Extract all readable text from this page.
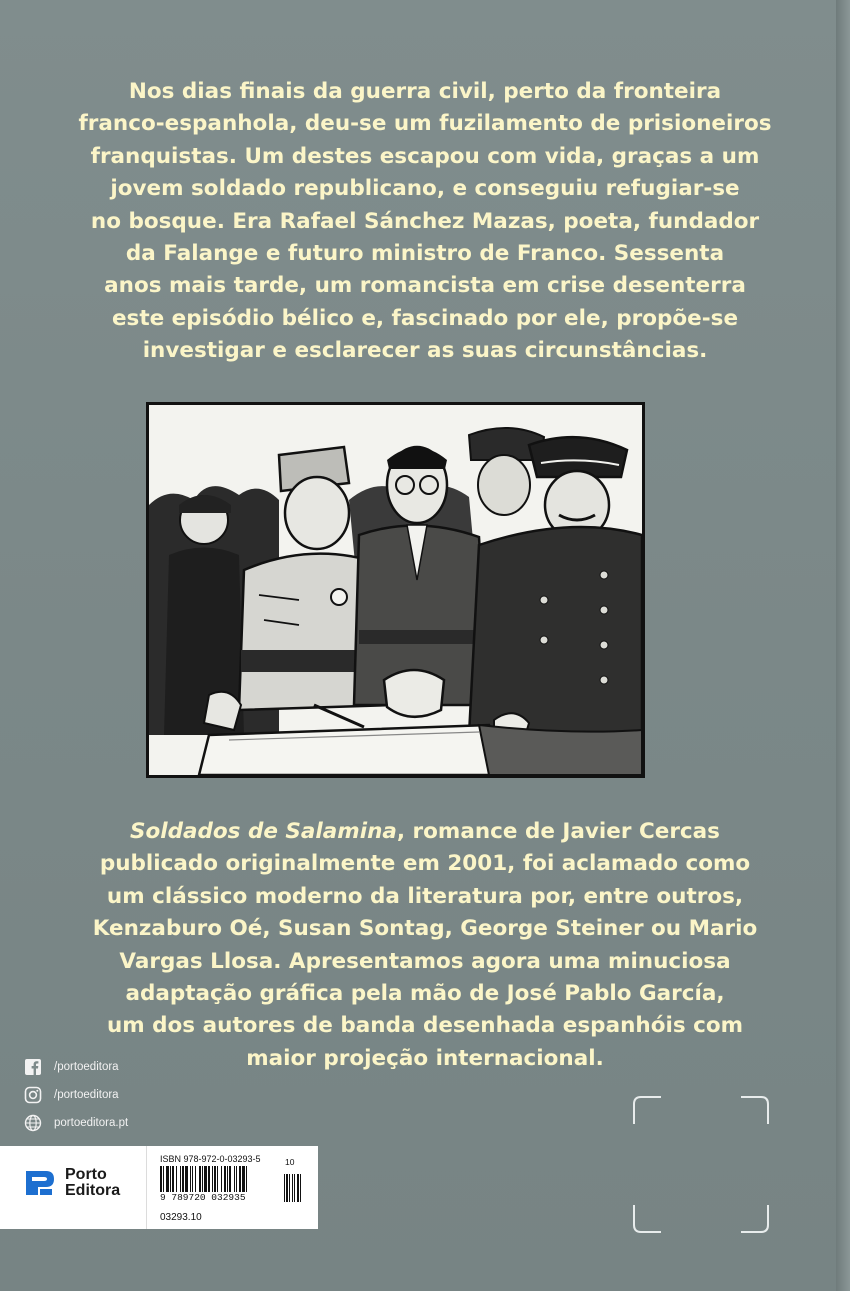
Nos dias finais da guerra civil, perto da fronteira
franco-espanhola, deu-se um fuzilamento de prisioneiros
franquistas. Um destes escapou com vida, graças a um
jovem soldado republicano, e conseguiu refugiar-se
no bosque. Era Rafael Sánchez Mazas, poeta, fundador
da Falange e futuro ministro de Franco. Sessenta
anos mais tarde, um romancista em crise desenterra
este episódio bélico e, fascinado por ele, propõe-se
investigar e esclarecer as suas circunstâncias.
Soldados de Salamina, romance de Javier Cercas
publicado originalmente em 2001, foi aclamado como
um clássico moderno da literatura por, entre outros,
Kenzaburo Oé, Susan Sontag, George Steiner ou Mario
Vargas Llosa. Apresentamos agora uma minuciosa
adaptação gráfica pela mão de José Pablo García,
um dos autores de banda desenhada espanhóis com
maior projeção internacional.
/portoeditora
/portoeditora
portoeditora.pt
Porto
Editora
ISBN 978-972-0-03293-5	10
9 789720 032935
03293.10
